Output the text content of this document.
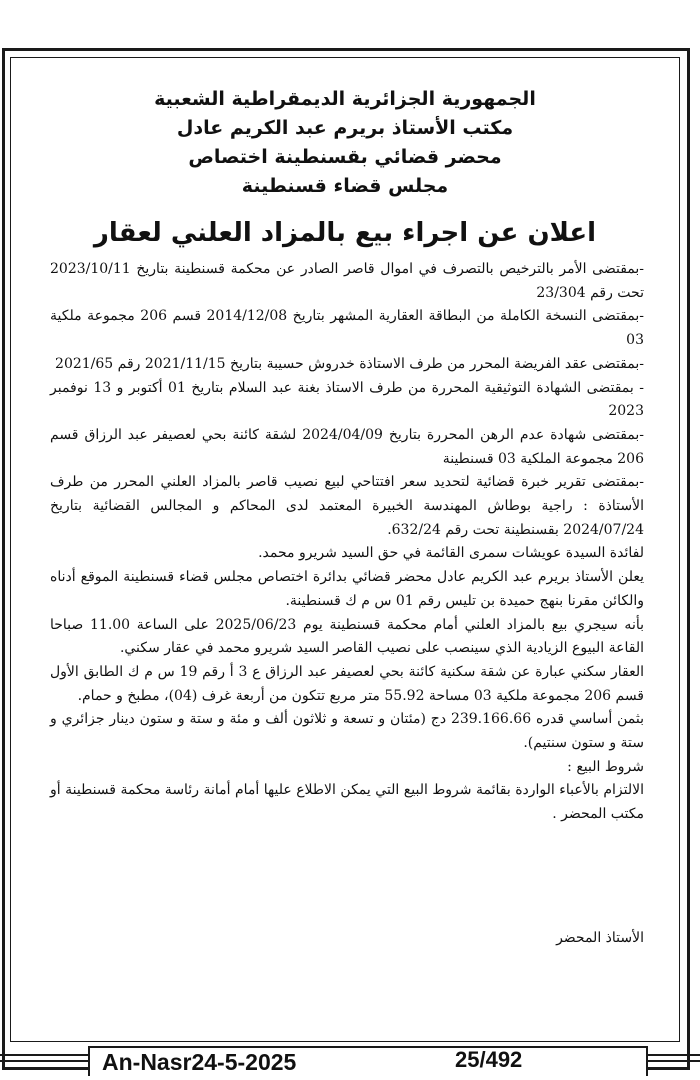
الجمهورية الجزائرية الديمقراطية الشعبية
مكتب الأستاذ بريرم عبد الكريم عادل
محضر قضائي بقسنطينة اختصاص
مجلس قضاء قسنطينة
اعلان عن اجراء بيع بالمزاد العلني لعقار

-بمقتضى الأمر بالترخيص بالتصرف في اموال قاصر الصادر عن محكمة قسنطينة بتاريخ 2023/10/11 تحت رقم 23/304

-بمقتضى النسخة الكاملة من البطاقة العقارية المشهر بتاريخ 2014/12/08 قسم 206 مجموعة ملكية 03

-بمقتضى عقد الفريضة المحرر من طرف الاستاذة خدروش حسيبة بتاريخ 2021/11/15 رقم 2021/65

- بمقتضى الشهادة التوثيقية المحررة من طرف الاستاذ بغنة عبد السلام بتاريخ 01 أكتوبر و 13 نوفمبر 2023

-بمقتضى شهادة عدم الرهن المحررة بتاريخ 2024/04/09 لشقة كائنة بحي لعصيفر عبد الرزاق قسم 206 مجموعة الملكية 03 قسنطينة

-بمقتضى تقرير خبرة قضائية لتحديد سعر افتتاحي لبيع نصيب قاصر بالمزاد العلني المحرر من طرف الأستاذة : راجية بوطاش المهندسة الخبيرة المعتمد لدى المحاكم و المجالس القضائية بتاريخ 2024/07/24 بقسنطينة تحت رقم 632/24.

لفائدة السيدة عويشات سمرى القائمة في حق السيد شريرو محمد.

يعلن الأستاذ بريرم عبد الكريم عادل محضر قضائي بدائرة اختصاص مجلس قضاء قسنطينة الموقع أدناه والكائن مقرنا بنهج حميدة بن تليس رقم 01 س م ك قسنطينة.

بأنه سيجري بيع بالمزاد العلني أمام محكمة قسنطينة يوم 2025/06/23 على الساعة 11.00 صباحا القاعة البيوع الزيادية الذي سينصب على نصيب القاصر السيد شريرو محمد في عقار سكني.

العقار سكني عبارة عن شقة سكنية كائنة بحي لعصيفر عبد الرزاق ع 3 أ رقم 19 س م ك الطابق الأول قسم 206 مجموعة ملكية 03 مساحة 55.92 متر مربع تتكون من أربعة غرف (04)، مطبخ و حمام.

بثمن أساسي قدره 239.166.66 دج (مئتان و تسعة و ثلاثون ألف و مئة و ستة و ستون دينار جزائري و ستة و ستون سنتيم).

شروط البيع :

الالتزام بالأعباء الواردة بقائمة شروط البيع التي يمكن الاطلاع عليها أمام أمانة رئاسة محكمة قسنطينة أو مكتب المحضر .

الأستاذ المحضر
An-Nasr24-5-2025	25/492
